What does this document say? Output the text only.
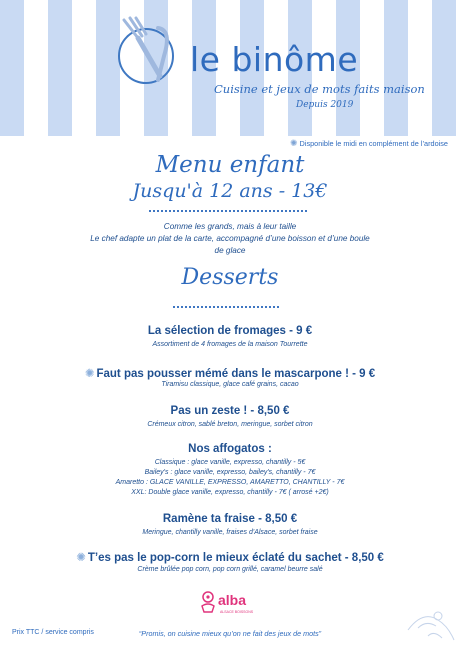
le binôme
Cuisine et jeux de mots faits maison
Depuis 2019
✺ Disponible le midi en complément de l’ardoise
Menu enfant
Jusqu'à 12 ans - 13€
Comme les grands, mais à leur taille
Le chef adapte un plat de la carte, accompagné d’une boisson et d’une boule
de glace
Desserts
La sélection de fromages - 9 €
Assortiment de 4 fromages de la maison Tourrette
✺ Faut pas pousser mémé dans le mascarpone ! - 9 €
Tiramisu classique, glace café grains, cacao
Pas un zeste ! - 8,50 €
Crémeux citron, sablé breton, meringue, sorbet citron
Nos affogatos :
Classique : glace vanille, expresso, chantilly - 5€
Bailey's : glace vanille, expresso, bailey's, chantilly - 7€
Amaretto : GLACE VANILLE, EXPRESSO, AMARETTO, CHANTILLY - 7€
XXL: Double glace vanille, expresso, chantilly - 7€ ( arrosé +2€)
Ramène ta fraise - 8,50 €
Meringue, chantilly vanille, fraises d'Alsace, sorbet fraise
✺ T’es pas le pop-corn le mieux éclaté du sachet - 8,50 €
Crème brûlée pop corn, pop corn grillé, caramel beurre salé
alba
ALSACE BOISSONS
Prix TTC / service compris	“Promis, on cuisine mieux qu’on ne fait des jeux de mots”
